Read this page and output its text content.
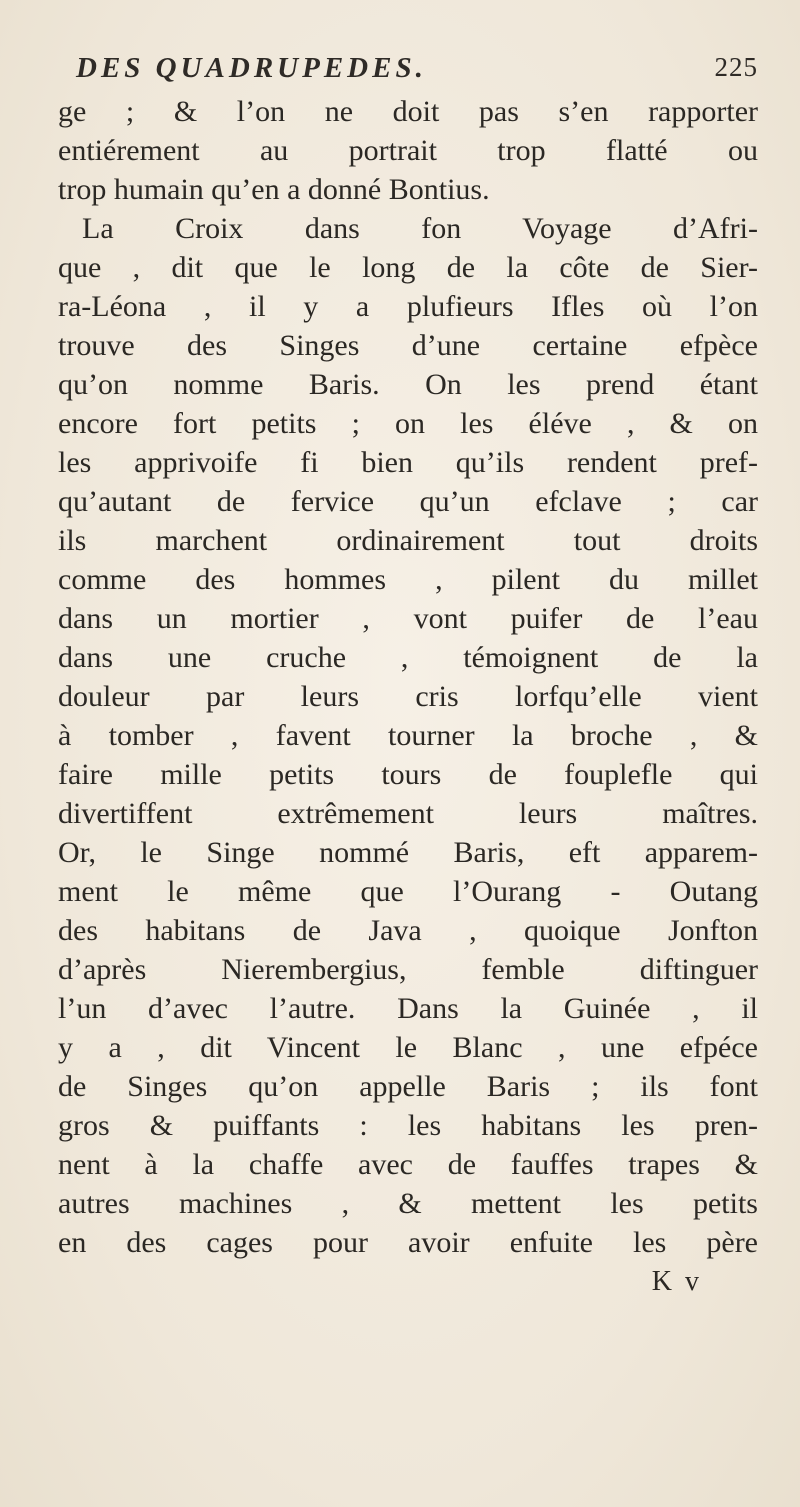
DES QUADRUPEDES.	225
ge ; & l’on ne doit pas s’en rapporter
entiérement au portrait trop flatté ou
trop humain qu’en a donné Bontius.
La Croix dans fon Voyage d’Afri-
que , dit que le long de la côte de Sier-
ra-Léona , il y a plufieurs Ifles où l’on
trouve des Singes d’une certaine efpèce
qu’on nomme Baris. On les prend étant
encore fort petits ; on les éléve , & on
les apprivoife fi bien qu’ils rendent pref-
qu’autant de fervice qu’un efclave ; car
ils marchent ordinairement tout droits
comme des hommes , pilent du millet
dans un mortier , vont puifer de l’eau
dans une cruche , témoignent de la
douleur par leurs cris lorfqu’elle vient
à tomber , favent tourner la broche , &
faire mille petits tours de fouplefle qui
divertiffent extrêmement leurs maîtres.
Or, le Singe nommé Baris, eft apparem-
ment le même que l’Ourang - Outang
des habitans de Java , quoique Jonfton
d’après Nierembergius, femble diftinguer
l’un d’avec l’autre. Dans la Guinée , il
y a , dit Vincent le Blanc , une efpéce
de Singes qu’on appelle Baris ; ils font
gros & puiffants : les habitans les pren-
nent à la chaffe avec de fauffes trapes &
autres machines , & mettent les petits
en des cages pour avoir enfuite les père
K v
